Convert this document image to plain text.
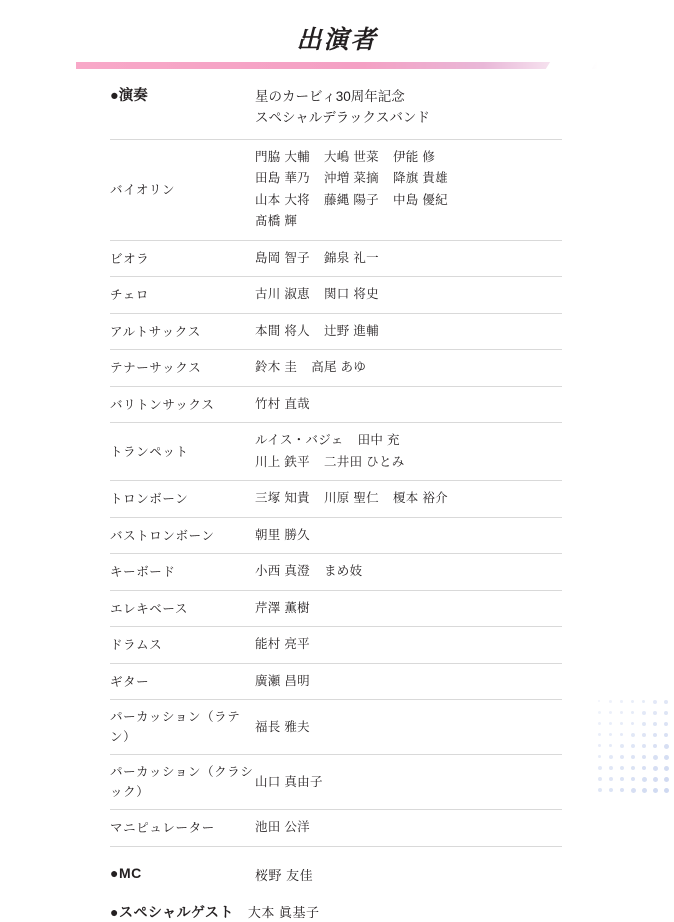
出演者
●演奏	星のカービィ30周年記念
スペシャルデラックスバンド
バイオリン	門脇 大輔 大嶋 世菜 伊能 修
田島 華乃 沖増 菜摘 降旗 貴雄
山本 大将 藤縄 陽子 中島 優紀
髙橋 輝

ビオラ	島岡 智子 錦泉 礼一

チェロ	古川 淑恵 関口 将史

アルトサックス	本間 将人 辻野 進輔

テナーサックス	鈴木 圭 高尾 あゆ

バリトンサックス	竹村 直哉

トランペット	ルイス・バジェ 田中 充
川上 鉄平 二井田 ひとみ

トロンボーン	三塚 知貴 川原 聖仁 榎本 裕介

バストロンボーン	朝里 勝久

キーボード	小西 真澄 まめ妓

エレキベース	芹澤 薫樹

ドラムス	能村 亮平

ギター	廣瀬 昌明

パーカッション（ラテン）	福長 雅夫

パーカッション（クラシック）	山口 真由子

マニピュレーター	池田 公洋
●MC	桜野 友佳
●スペシャルゲスト 大本 眞基子
